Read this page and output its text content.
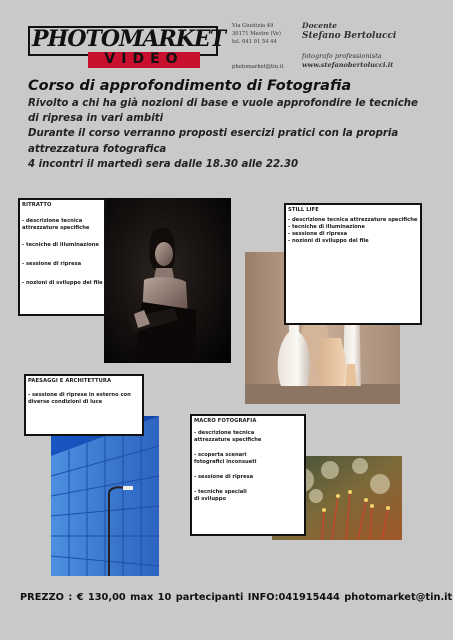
PHOTOMARKET
VIDEO
Via Giustizia 49
30171 Mestre (Ve)
tel. 041 91 54 44
photomarket@tin.it
Docente
Stefano Bertolucci
fotografo professionista
www.stefanobertolucci.it
Corso di approfondimento di Fotografia
Rivolto a chi ha già nozioni di base e vuole approfondire le tecniche
di ripresa in vari ambiti
Durante il corso verranno proposti esercizi pratici con la propria
attrezzatura fotografica
4 incontri il martedì sera dalle 18.30 alle 22.30
RITRATTO
- descrizione tecnica
attrezzature specifiche
- tecniche di illuminazione
- sessione di ripresa
- nozioni di sviluppo del file
STILL LIFE
- descrizione tecnica attrezzature specifiche
- tecniche di illuminazione
- sessione di ripresa
- nozioni di sviluppo del file
PAESAGGI E ARCHITETTURA
- sessione di riprese in esterno con
diverse condizioni di luce
MACRO FOTOGRAFIA
- descrizione tecnica
attrezzature specifiche
- scoperta scenari
fotografici inconsueti
- sessione di ripresa
- tecniche speciali
di sviluppo
PREZZO : € 130,00 max 10 partecipanti INFO:041915444 photomarket@tin.it
